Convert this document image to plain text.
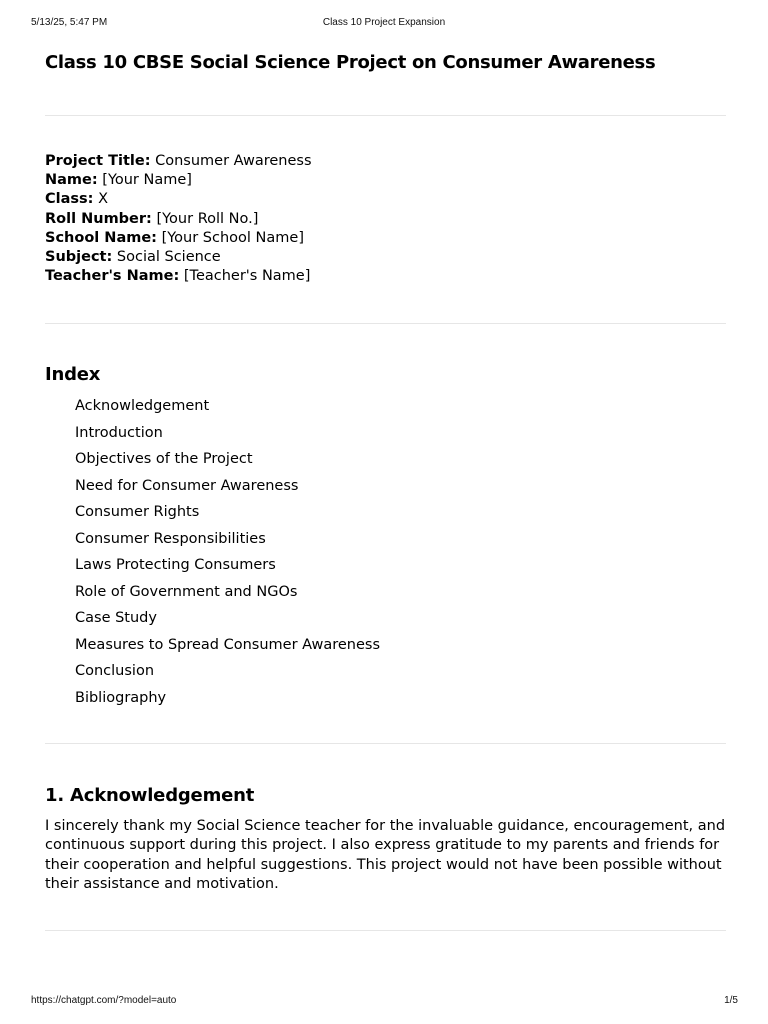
5/13/25, 5:47 PM	Class 10 Project Expansion
Class 10 CBSE Social Science Project on Consumer Awareness
Project Title: Consumer Awareness
Name: [Your Name]
Class: X
Roll Number: [Your Roll No.]
School Name: [Your School Name]
Subject: Social Science
Teacher's Name: [Teacher's Name]
Index
Acknowledgement
Introduction
Objectives of the Project
Need for Consumer Awareness
Consumer Rights
Consumer Responsibilities
Laws Protecting Consumers
Role of Government and NGOs
Case Study
Measures to Spread Consumer Awareness
Conclusion
Bibliography
1. Acknowledgement

I sincerely thank my Social Science teacher for the invaluable guidance, encouragement, and continuous support during this project. I also express gratitude to my parents and friends for their cooperation and helpful suggestions. This project would not have been possible without their assistance and motivation.

https://chatgpt.com/?model=auto	1/5
